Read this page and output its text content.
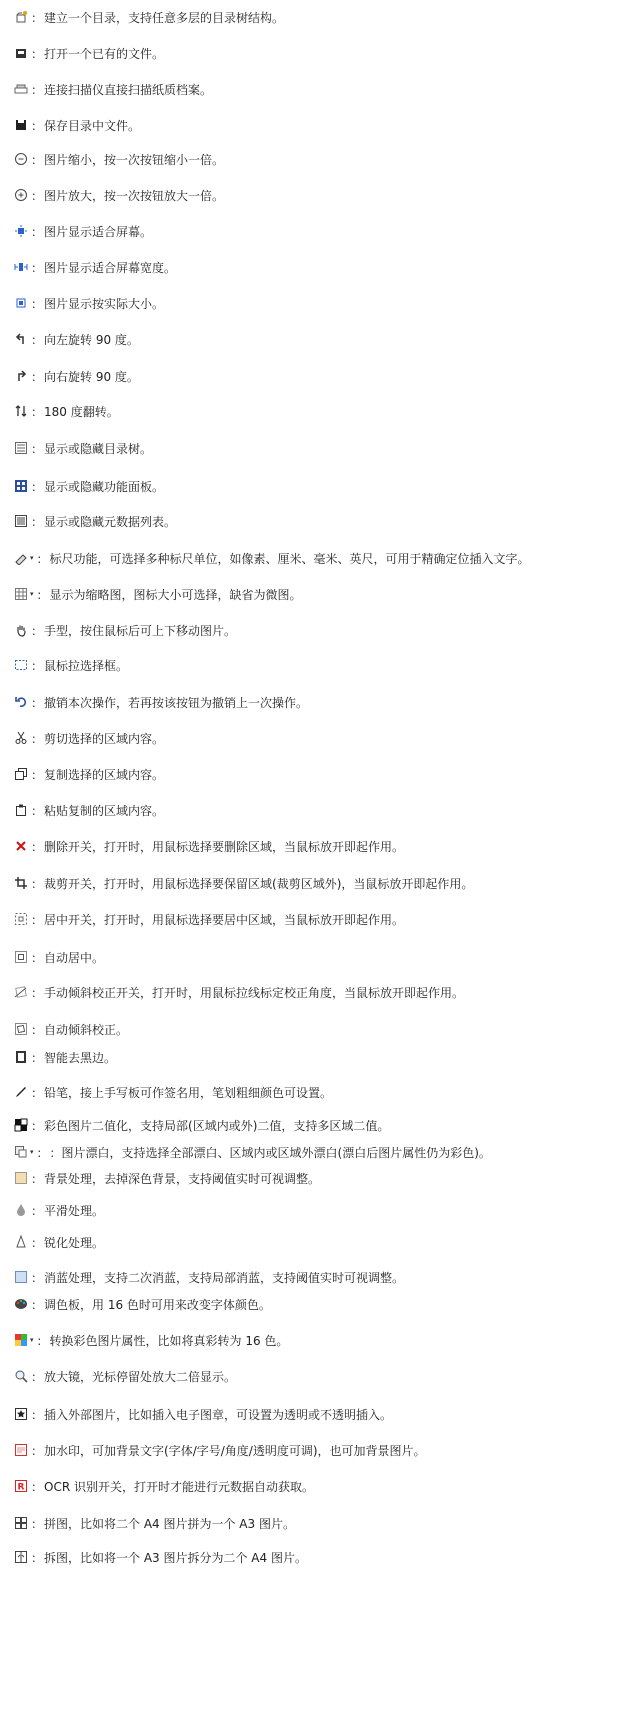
： 建立一个目录，支持任意多层的目录树结构。
： 打开一个已有的文件。
： 连接扫描仪直接扫描纸质档案。
： 保存目录中文件。
： 图片缩小，按一次按钮缩小一倍。
： 图片放大，按一次按钮放大一倍。
： 图片显示适合屏幕。
： 图片显示适合屏幕宽度。
： 图片显示按实际大小。
： 向左旋转 90 度。
： 向右旋转 90 度。
： 180 度翻转。
： 显示或隐藏目录树。
： 显示或隐藏功能面板。
： 显示或隐藏元数据列表。
▾ ： 标尺功能，可选择多种标尺单位，如像素、厘米、毫米、英尺，可用于精确定位插入文字。
▾ ： 显示为缩略图，图标大小可选择，缺省为微图。
： 手型，按住鼠标后可上下移动图片。
： 鼠标拉选择框。
： 撤销本次操作，若再按该按钮为撤销上一次操作。
： 剪切选择的区域内容。
： 复制选择的区域内容。
： 粘贴复制的区域内容。
： 删除开关，打开时，用鼠标选择要删除区域，当鼠标放开即起作用。
： 裁剪开关，打开时，用鼠标选择要保留区域(裁剪区域外)，当鼠标放开即起作用。
： 居中开关，打开时，用鼠标选择要居中区域，当鼠标放开即起作用。
： 自动居中。
： 手动倾斜校正开关，打开时，用鼠标拉线标定校正角度，当鼠标放开即起作用。
： 自动倾斜校正。
： 智能去黑边。
： 铅笔，接上手写板可作签名用，笔划粗细颜色可设置。
： 彩色图片二值化，支持局部(区域内或外)二值，支持多区域二值。
▾ ： ：图片漂白，支持选择全部漂白、区域内或区域外漂白(漂白后图片属性仍为彩色)。
： 背景处理，去掉深色背景，支持阈值实时可视调整。
： 平滑处理。
： 锐化处理。
： 消蓝处理，支持二次消蓝，支持局部消蓝，支持阈值实时可视调整。
： 调色板，用 16 色时可用来改变字体颜色。
▾ ： 转换彩色图片属性，比如将真彩转为 16 色。
： 放大镜，光标停留处放大二倍显示。
： 插入外部图片，比如插入电子图章，可设置为透明或不透明插入。
： 加水印，可加背景文字(字体/字号/角度/透明度可调)，也可加背景图片。
R ： OCR 识别开关，打开时才能进行元数据自动获取。
： 拼图，比如将二个 A4 图片拼为一个 A3 图片。
： 拆图，比如将一个 A3 图片拆分为二个 A4 图片。
